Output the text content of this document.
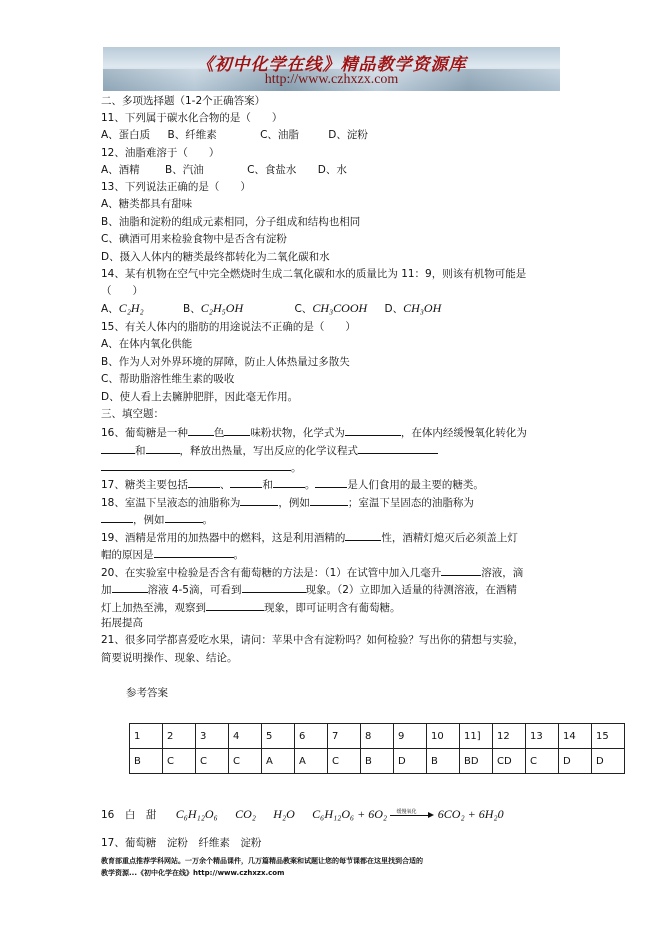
《初中化学在线》精品教学资源库
http://www.czhxzx.com
二、多项选择题（1-2个正确答案）
11、下列属于碳水化合物的是（　　）
A、蛋白质 B、纤维素	C、油脂	D、淀粉
12、油脂难溶于（　　）
A、酒精 B、汽油	C、食盐水 D、水
13、下列说法正确的是（　　）
A、糖类都具有甜味
B、油脂和淀粉的组成元素相同，分子组成和结构也相同
C、碘酒可用来检验食物中是否含有淀粉
D、摄入人体内的糖类最终都转化为二氧化碳和水
14、某有机物在空气中完全燃烧时生成二氧化碳和水的质量比为 11：9，则该有机物可能是
（　　）
A、C₂H₂	B、C₂H₅OH	C、CH₃COOH D、CH₃OH
15、有关人体内的脂肪的用途说法不正确的是（　　）
A、在体内氧化供能
B、作为人对外界环境的屏障，防止人体热量过多散失
C、帮助脂溶性维生素的吸收
D、使人看上去臃肿肥胖，因此毫无作用。
三、填空题：
16、葡萄糖是一种 色 味粉状物，化学式为	，在体内经缓慢氧化转化为
和	，释放出热量，写出反应的化学议程式
。
17、糖类主要包括	、	和	。	是人们食用的最主要的糖类。
18、室温下呈液态的油脂称为	，例如	；室温下呈固态的油脂称为
，例如	。
19、酒精是常用的加热器中的燃料，这是利用酒精的	性，酒精灯熄灭后必须盖上灯
帽的原因是	。
20、在实验室中检验是否含有葡萄糖的方法是：（1）在试管中加入几毫升	溶液，滴
加	溶液 4-5滴，可看到	现象。（2）立即加入适量的待测溶液，在酒精
灯上加热至沸，观察到	现象，即可证明含有葡萄糖。
拓展提高
21、很多同学都喜爱吃水果，请问：苹果中含有淀粉吗？如何检验？写出你的猜想与实验，
简要说明操作、现象、结论。
参考答案
1	2	3	4	5	6	7	8	9	10	11]	12	13	14	15
B	C	C	C	A	A	C	B	D	B	BD	CD	C	D	D
16　白　甜 C₆H₁₂O₆ CO₂ H₂O C₆H₁₂O₆ + 6O₂ 缓慢氧化 6CO₂ + 6H₂0
17、葡萄糖　淀粉　纤维素　淀粉
教育部重点推荐学科网站。一万余个精品课件，几万篇精品教案和试题让您的每节课都在这里找到合适的
教学资源...《初中化学在线》http://www.czhxzx.com
